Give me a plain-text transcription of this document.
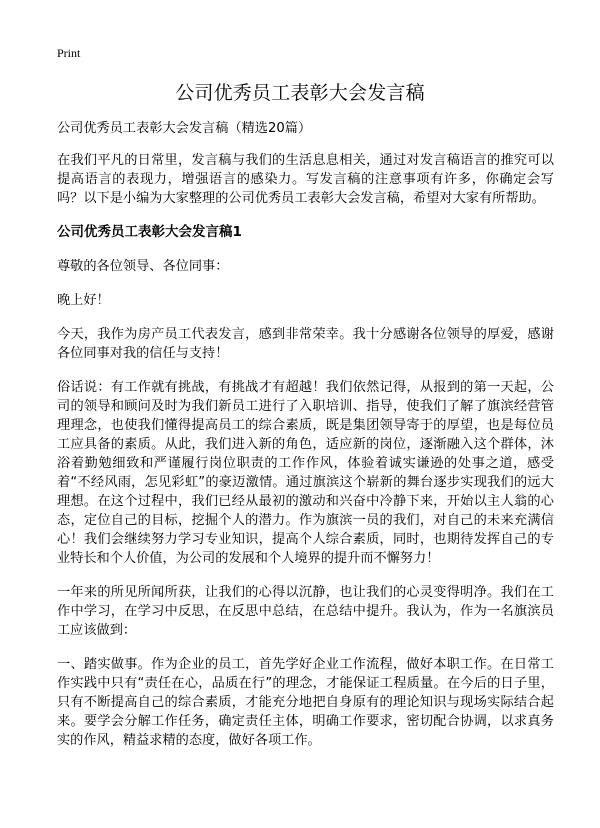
Print
公司优秀员工表彰大会发言稿

公司优秀员工表彰大会发言稿（精选20篇）

在我们平凡的日常里，发言稿与我们的生活息息相关，通过对发言稿语言的推究可以提高语言的表现力，增强语言的感染力。写发言稿的注意事项有许多，你确定会写吗？以下是小编为大家整理的公司优秀员工表彰大会发言稿，希望对大家有所帮助。

公司优秀员工表彰大会发言稿1

尊敬的各位领导、各位同事：

晚上好！

今天，我作为房产员工代表发言，感到非常荣幸。我十分感谢各位领导的厚爱，感谢各位同事对我的信任与支持！

俗话说：有工作就有挑战，有挑战才有超越！我们依然记得，从报到的第一天起，公司的领导和顾问及时为我们新员工进行了入职培训、指导，使我们了解了旗滨经营管理理念，也使我们懂得提高员工的综合素质，既是集团领导寄于的厚望，也是每位员工应具备的素质。从此，我们进入新的角色，适应新的岗位，逐渐融入这个群体，沐浴着勤勉细致和严谨履行岗位职责的工作作风，体验着诚实谦逊的处事之道，感受着“不经风雨，怎见彩虹”的豪迈激情。通过旗滨这个崭新的舞台逐步实现我们的远大理想。在这个过程中，我们已经从最初的激动和兴奋中冷静下来，开始以主人翁的心态，定位自己的目标，挖掘个人的潜力。作为旗滨一员的我们，对自己的未来充满信心！我们会继续努力学习专业知识，提高个人综合素质，同时，也期待发挥自己的专业特长和个人价值，为公司的发展和个人境界的提升而不懈努力！

一年来的所见所闻所获，让我们的心得以沉静，也让我们的心灵变得明净。我们在工作中学习，在学习中反思，在反思中总结，在总结中提升。我认为，作为一名旗滨员工应该做到：

一、踏实做事。作为企业的员工，首先学好企业工作流程，做好本职工作。在日常工作实践中只有“责任在心，品质在行”的理念，才能保证工程质量。在今后的日子里，只有不断提高自己的综合素质，才能充分地把自身原有的理论知识与现场实际结合起来。要学会分解工作任务，确定责任主体，明确工作要求，密切配合协调，以求真务实的作风，精益求精的态度，做好各项工作。
